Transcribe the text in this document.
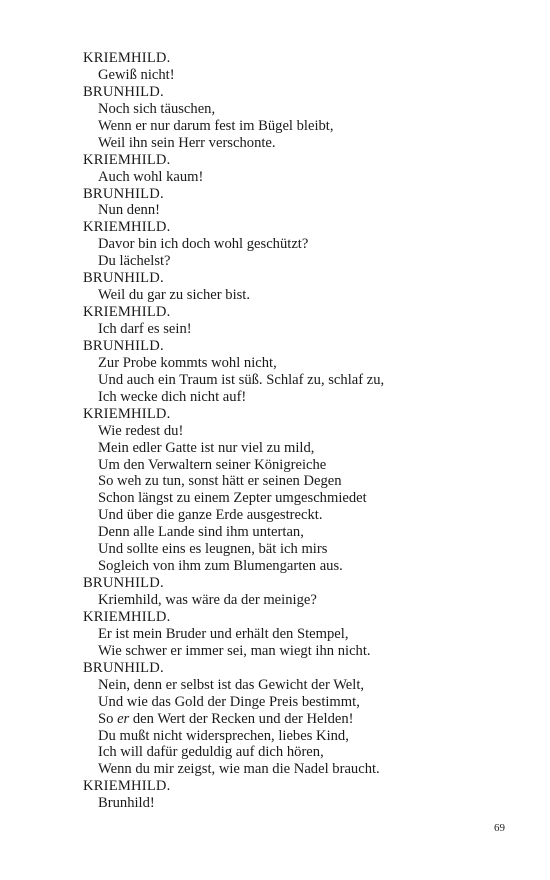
KRIEMHILD.
Gewiß nicht!
BRUNHILD.
Noch sich täuschen,
Wenn er nur darum fest im Bügel bleibt,
Weil ihn sein Herr verschonte.
KRIEMHILD.
Auch wohl kaum!
BRUNHILD.
Nun denn!
KRIEMHILD.
Davor bin ich doch wohl geschützt?
Du lächelst?
BRUNHILD.
Weil du gar zu sicher bist.
KRIEMHILD.
Ich darf es sein!
BRUNHILD.
Zur Probe kommts wohl nicht,
Und auch ein Traum ist süß. Schlaf zu, schlaf zu,
Ich wecke dich nicht auf!
KRIEMHILD.
Wie redest du!
Mein edler Gatte ist nur viel zu mild,
Um den Verwaltern seiner Königreiche
So weh zu tun, sonst hätt er seinen Degen
Schon längst zu einem Zepter umgeschmiedet
Und über die ganze Erde ausgestreckt.
Denn alle Lande sind ihm untertan,
Und sollte eins es leugnen, bät ich mirs
Sogleich von ihm zum Blumengarten aus.
BRUNHILD.
Kriemhild, was wäre da der meinige?
KRIEMHILD.
Er ist mein Bruder und erhält den Stempel,
Wie schwer er immer sei, man wiegt ihn nicht.
BRUNHILD.
Nein, denn er selbst ist das Gewicht der Welt,
Und wie das Gold der Dinge Preis bestimmt,
So er den Wert der Recken und der Helden!
Du mußt nicht widersprechen, liebes Kind,
Ich will dafür geduldig auf dich hören,
Wenn du mir zeigst, wie man die Nadel braucht.
KRIEMHILD.
Brunhild!
69
